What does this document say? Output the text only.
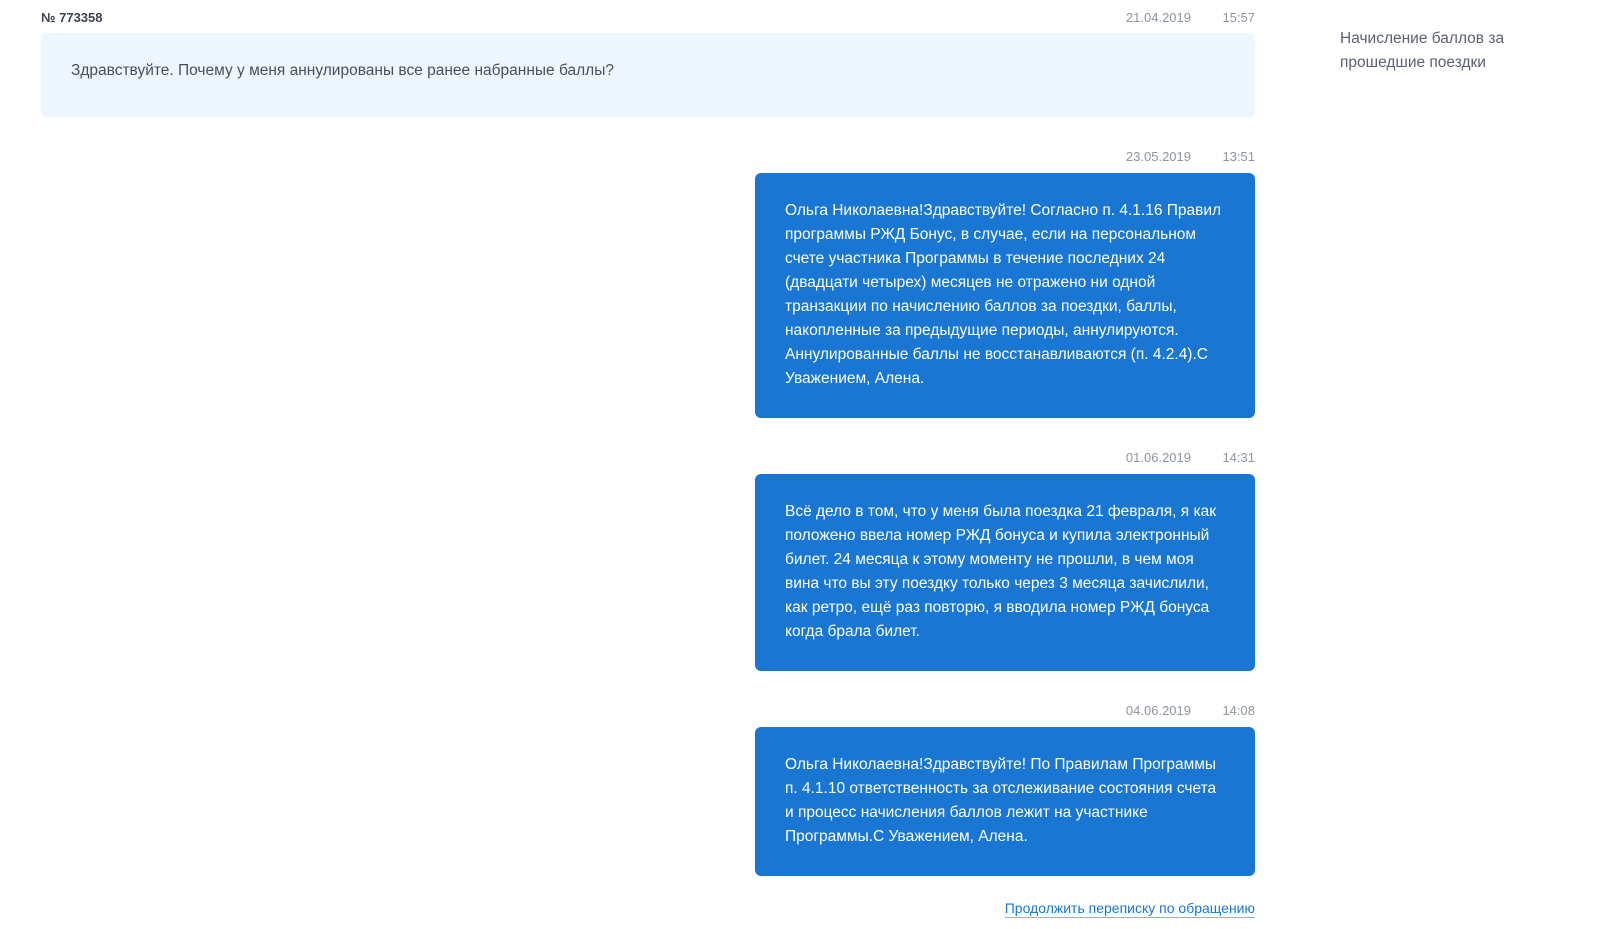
№ 773358	21.04.2019 15:57
Здравствуйте. Почему у меня аннулированы все ранее набранные баллы?
23.05.2019 13:51
Ольга Николаевна!Здравствуйте! Согласно п. 4.1.16 Правил программы РЖД Бонус, в случае, если на персональном счете участника Программы в течение последних 24 (двадцати четырех) месяцев не отражено ни одной транзакции по начислению баллов за поездки, баллы, накопленные за предыдущие периоды, аннулируются. Аннулированные баллы не восстанавливаются (п. 4.2.4).С Уважением, Алена.
01.06.2019 14:31
Всё дело в том, что у меня была поездка 21 февраля, я как положено ввела номер РЖД бонуса и купила электронный билет. 24 месяца к этому моменту не прошли, в чем моя вина что вы эту поездку только через 3 месяца зачислили, как ретро, ещё раз повторю, я вводила номер РЖД бонуса когда брала билет.
04.06.2019 14:08
Ольга Николаевна!Здравствуйте! По Правилам Программы п. 4.1.10 ответственность за отслеживание состояния счета и процесс начисления баллов лежит на участнике Программы.С Уважением, Алена.
Продолжить переписку по обращению
Начисление баллов за прошедшие поездки
